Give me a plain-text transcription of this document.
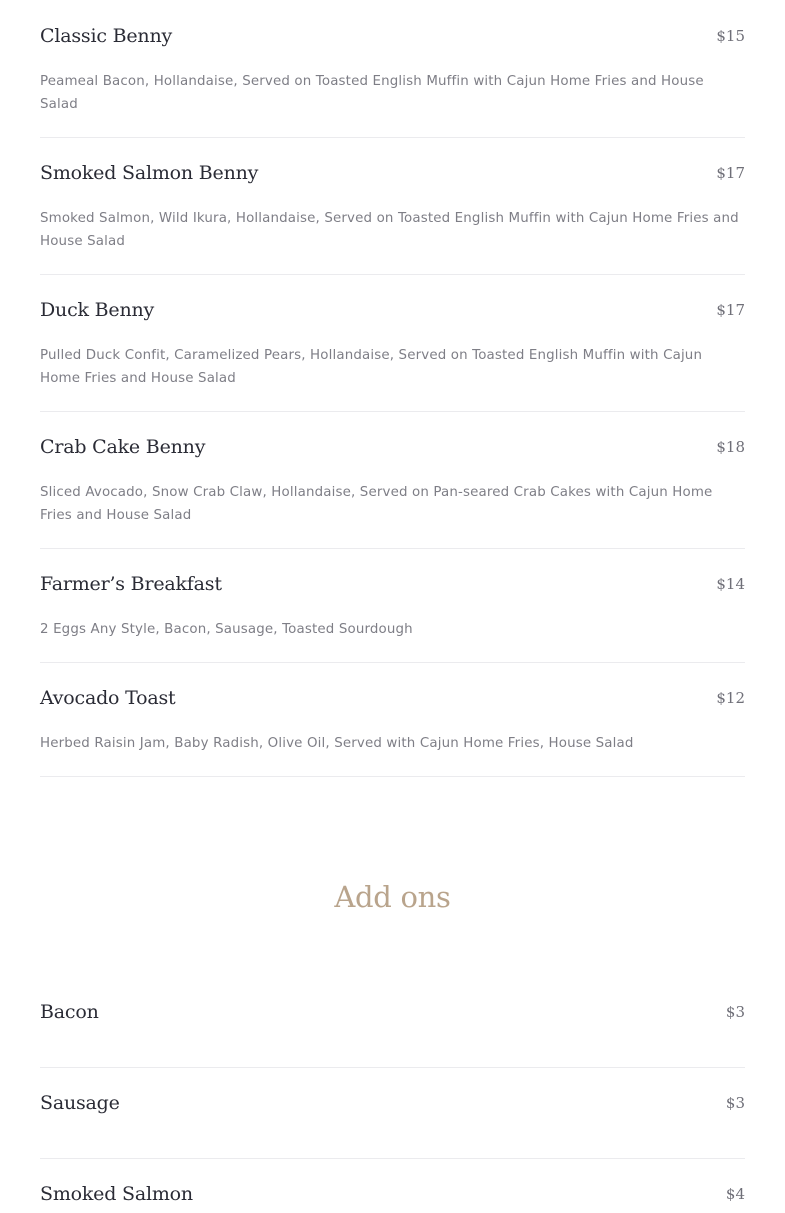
Classic Benny	$15
Peameal Bacon, Hollandaise, Served on Toasted English Muffin with Cajun Home Fries and House Salad
Smoked Salmon Benny	$17
Smoked Salmon, Wild Ikura, Hollandaise, Served on Toasted English Muffin with Cajun Home Fries and House Salad
Duck Benny	$17
Pulled Duck Confit, Caramelized Pears, Hollandaise, Served on Toasted English Muffin with Cajun Home Fries and House Salad
Crab Cake Benny	$18
Sliced Avocado, Snow Crab Claw, Hollandaise, Served on Pan-seared Crab Cakes with Cajun Home Fries and House Salad
Farmer’s Breakfast	$14
2 Eggs Any Style, Bacon, Sausage, Toasted Sourdough
Avocado Toast	$12
Herbed Raisin Jam, Baby Radish, Olive Oil, Served with Cajun Home Fries, House Salad
Add ons
Bacon	$3
Sausage	$3
Smoked Salmon	$4
